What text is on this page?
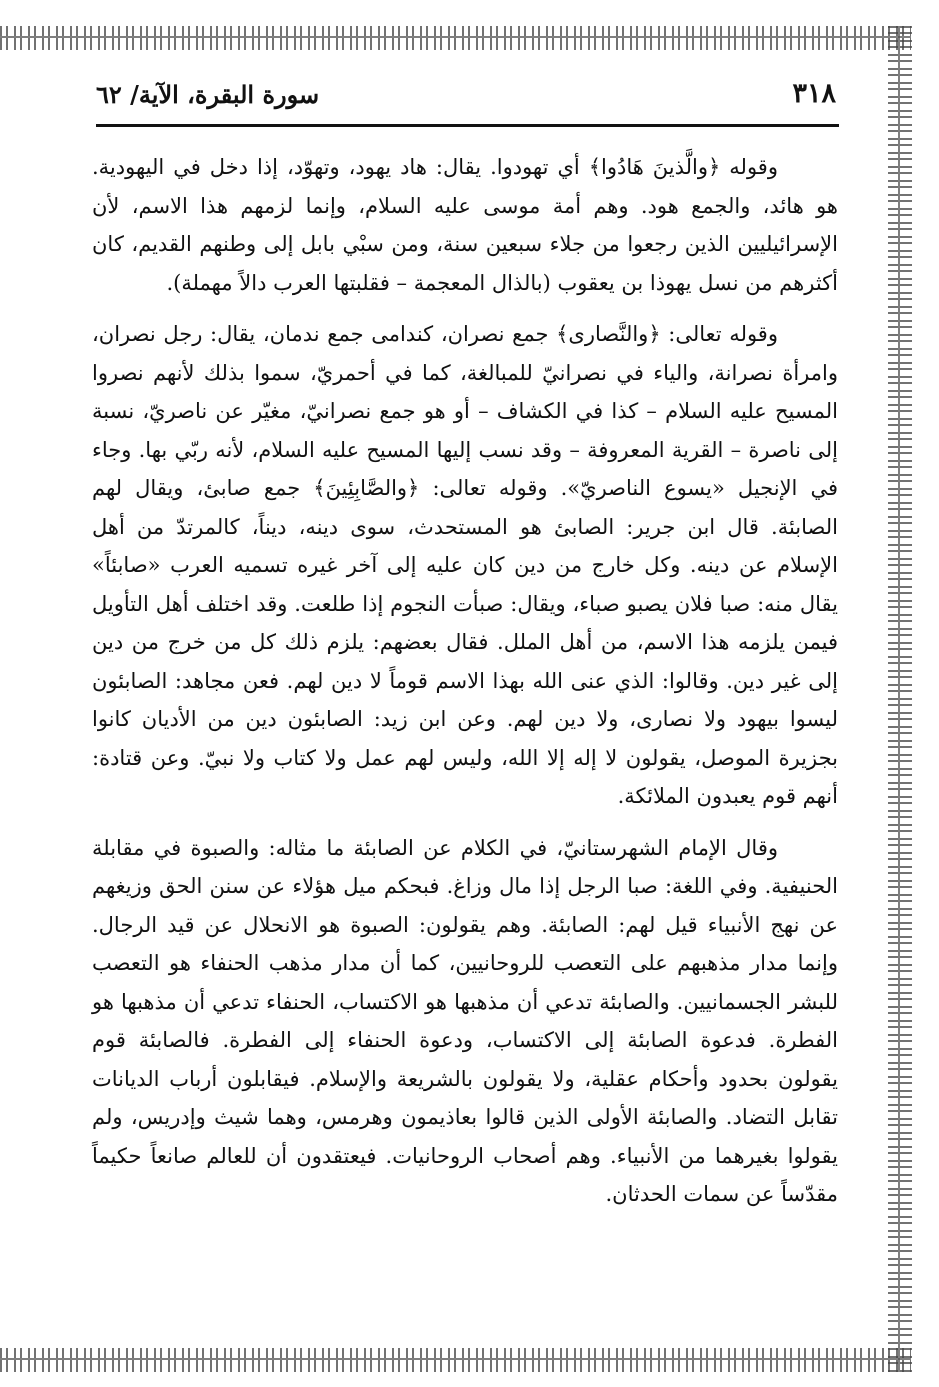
٣١٨
سورة البقرة، الآية/ ٦٢

وقوله ﴿والَّذينَ هَادُوا﴾ أي تهودوا. يقال: هاد يهود، وتهوّد، إذا دخل في اليهودية. هو هائد، والجمع هود. وهم أمة موسى عليه السلام، وإنما لزمهم هذا الاسم، لأن الإسرائيليين الذين رجعوا من جلاء سبعين سنة، ومن سبْي بابل إلى وطنهم القديم، كان أكثرهم من نسل يهوذا بن يعقوب (بالذال المعجمة – فقلبتها العرب دالاً مهملة).

وقوله تعالى: ﴿والنَّصارى﴾ جمع نصران، كندامى جمع ندمان، يقال: رجل نصران، وامرأة نصرانة، والياء في نصرانيّ للمبالغة، كما في أحمريّ، سموا بذلك لأنهم نصروا المسيح عليه السلام – كذا في الكشاف – أو هو جمع نصرانيّ، مغيّر عن ناصريّ، نسبة إلى ناصرة – القرية المعروفة – وقد نسب إليها المسيح عليه السلام، لأنه ربّي بها. وجاء في الإنجيل «يسوع الناصريّ». وقوله تعالى: ﴿والصَّابِئِينَ﴾ جمع صابئ، ويقال لهم الصابئة. قال ابن جرير: الصابئ هو المستحدث، سوى دينه، ديناً، كالمرتدّ من أهل الإسلام عن دينه. وكل خارج من دين كان عليه إلى آخر غيره تسميه العرب «صابئاً» يقال منه: صبا فلان يصبو صباء، ويقال: صبأت النجوم إذا طلعت. وقد اختلف أهل التأويل فيمن يلزمه هذا الاسم، من أهل الملل. فقال بعضهم: يلزم ذلك كل من خرج من دين إلى غير دين. وقالوا: الذي عنى الله بهذا الاسم قوماً لا دين لهم. فعن مجاهد: الصابئون ليسوا بيهود ولا نصارى، ولا دين لهم. وعن ابن زيد: الصابئون دين من الأديان كانوا بجزيرة الموصل، يقولون لا إله إلا الله، وليس لهم عمل ولا كتاب ولا نبيّ. وعن قتادة: أنهم قوم يعبدون الملائكة.

وقال الإمام الشهرستانيّ، في الكلام عن الصابئة ما مثاله: والصبوة في مقابلة الحنيفية. وفي اللغة: صبا الرجل إذا مال وزاغ. فبحكم ميل هؤلاء عن سنن الحق وزيغهم عن نهج الأنبياء قيل لهم: الصابئة. وهم يقولون: الصبوة هو الانحلال عن قيد الرجال. وإنما مدار مذهبهم على التعصب للروحانيين، كما أن مدار مذهب الحنفاء هو التعصب للبشر الجسمانيين. والصابئة تدعي أن مذهبها هو الاكتساب، الحنفاء تدعي أن مذهبها هو الفطرة. فدعوة الصابئة إلى الاكتساب، ودعوة الحنفاء إلى الفطرة. فالصابئة قوم يقولون بحدود وأحكام عقلية، ولا يقولون بالشريعة والإسلام. فيقابلون أرباب الديانات تقابل التضاد. والصابئة الأولى الذين قالوا بعاذيمون وهرمس، وهما شيث وإدريس، ولم يقولوا بغيرهما من الأنبياء. وهم أصحاب الروحانيات. فيعتقدون أن للعالم صانعاً حكيماً مقدّساً عن سمات الحدثان.
